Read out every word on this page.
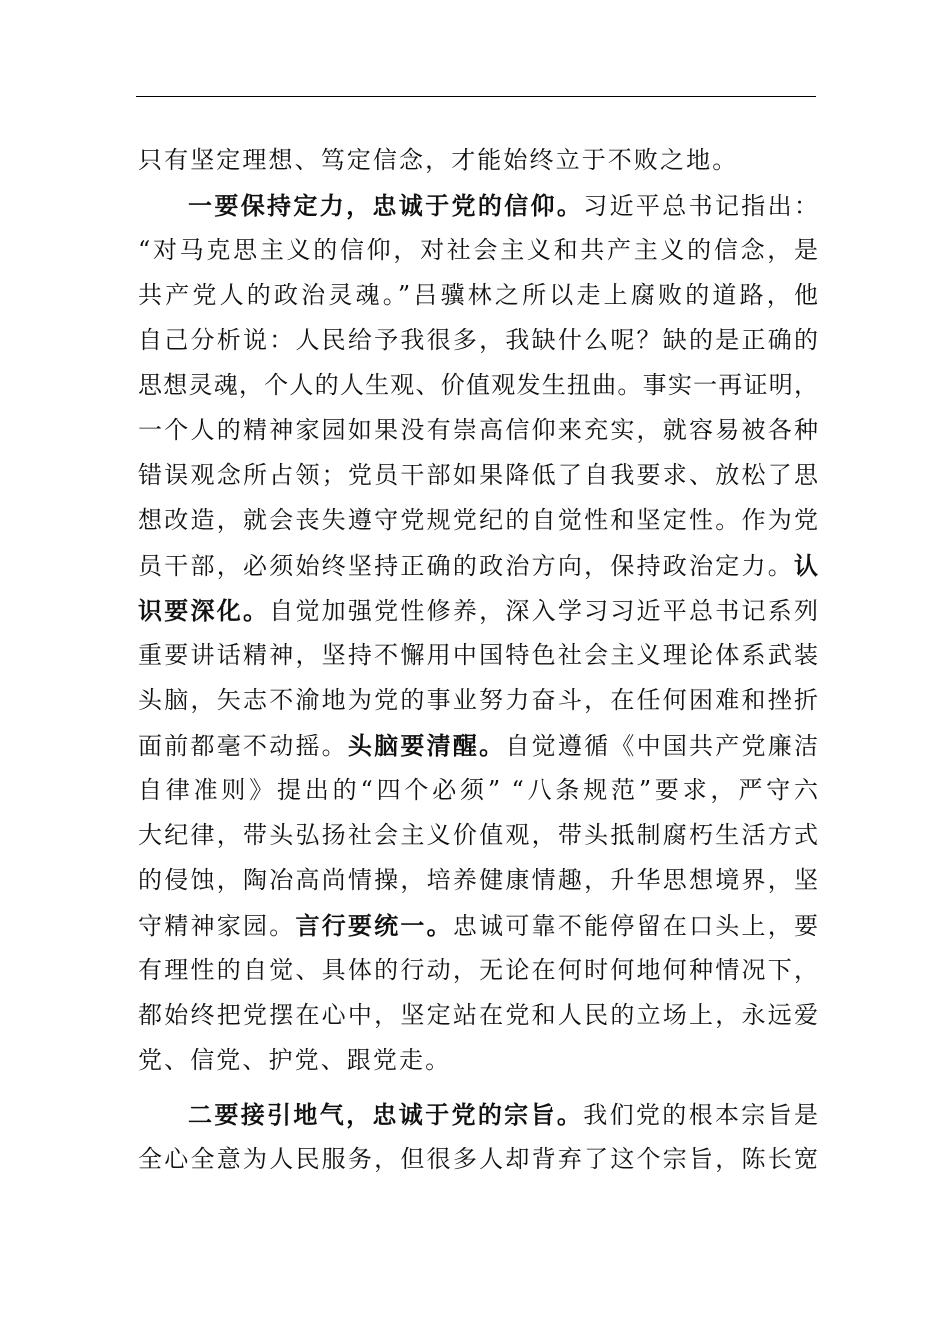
只有坚定理想、笃定信念，才能始终立于不败之地。
一要保持定力，忠诚于党的信仰。习近平总书记指出：
“对马克思主义的信仰，对社会主义和共产主义的信念，是
共产党人的政治灵魂。”吕骥林之所以走上腐败的道路，他
自己分析说：人民给予我很多，我缺什么呢？缺的是正确的
思想灵魂，个人的人生观、价值观发生扭曲。事实一再证明，
一个人的精神家园如果没有崇高信仰来充实，就容易被各种
错误观念所占领；党员干部如果降低了自我要求、放松了思
想改造，就会丧失遵守党规党纪的自觉性和坚定性。作为党
员干部，必须始终坚持正确的政治方向，保持政治定力。认
识要深化。自觉加强党性修养，深入学习习近平总书记系列
重要讲话精神，坚持不懈用中国特色社会主义理论体系武装
头脑，矢志不渝地为党的事业努力奋斗，在任何困难和挫折
面前都毫不动摇。头脑要清醒。自觉遵循《中国共产党廉洁
自律准则》提出的“四个必须” “八条规范”要求，严守六
大纪律，带头弘扬社会主义价值观，带头抵制腐朽生活方式
的侵蚀，陶冶高尚情操，培养健康情趣，升华思想境界，坚
守精神家园。言行要统一。忠诚可靠不能停留在口头上，要
有理性的自觉、具体的行动，无论在何时何地何种情况下，
都始终把党摆在心中，坚定站在党和人民的立场上，永远爱
党、信党、护党、跟党走。
二要接引地气，忠诚于党的宗旨。我们党的根本宗旨是
全心全意为人民服务，但很多人却背弃了这个宗旨，陈长宽
